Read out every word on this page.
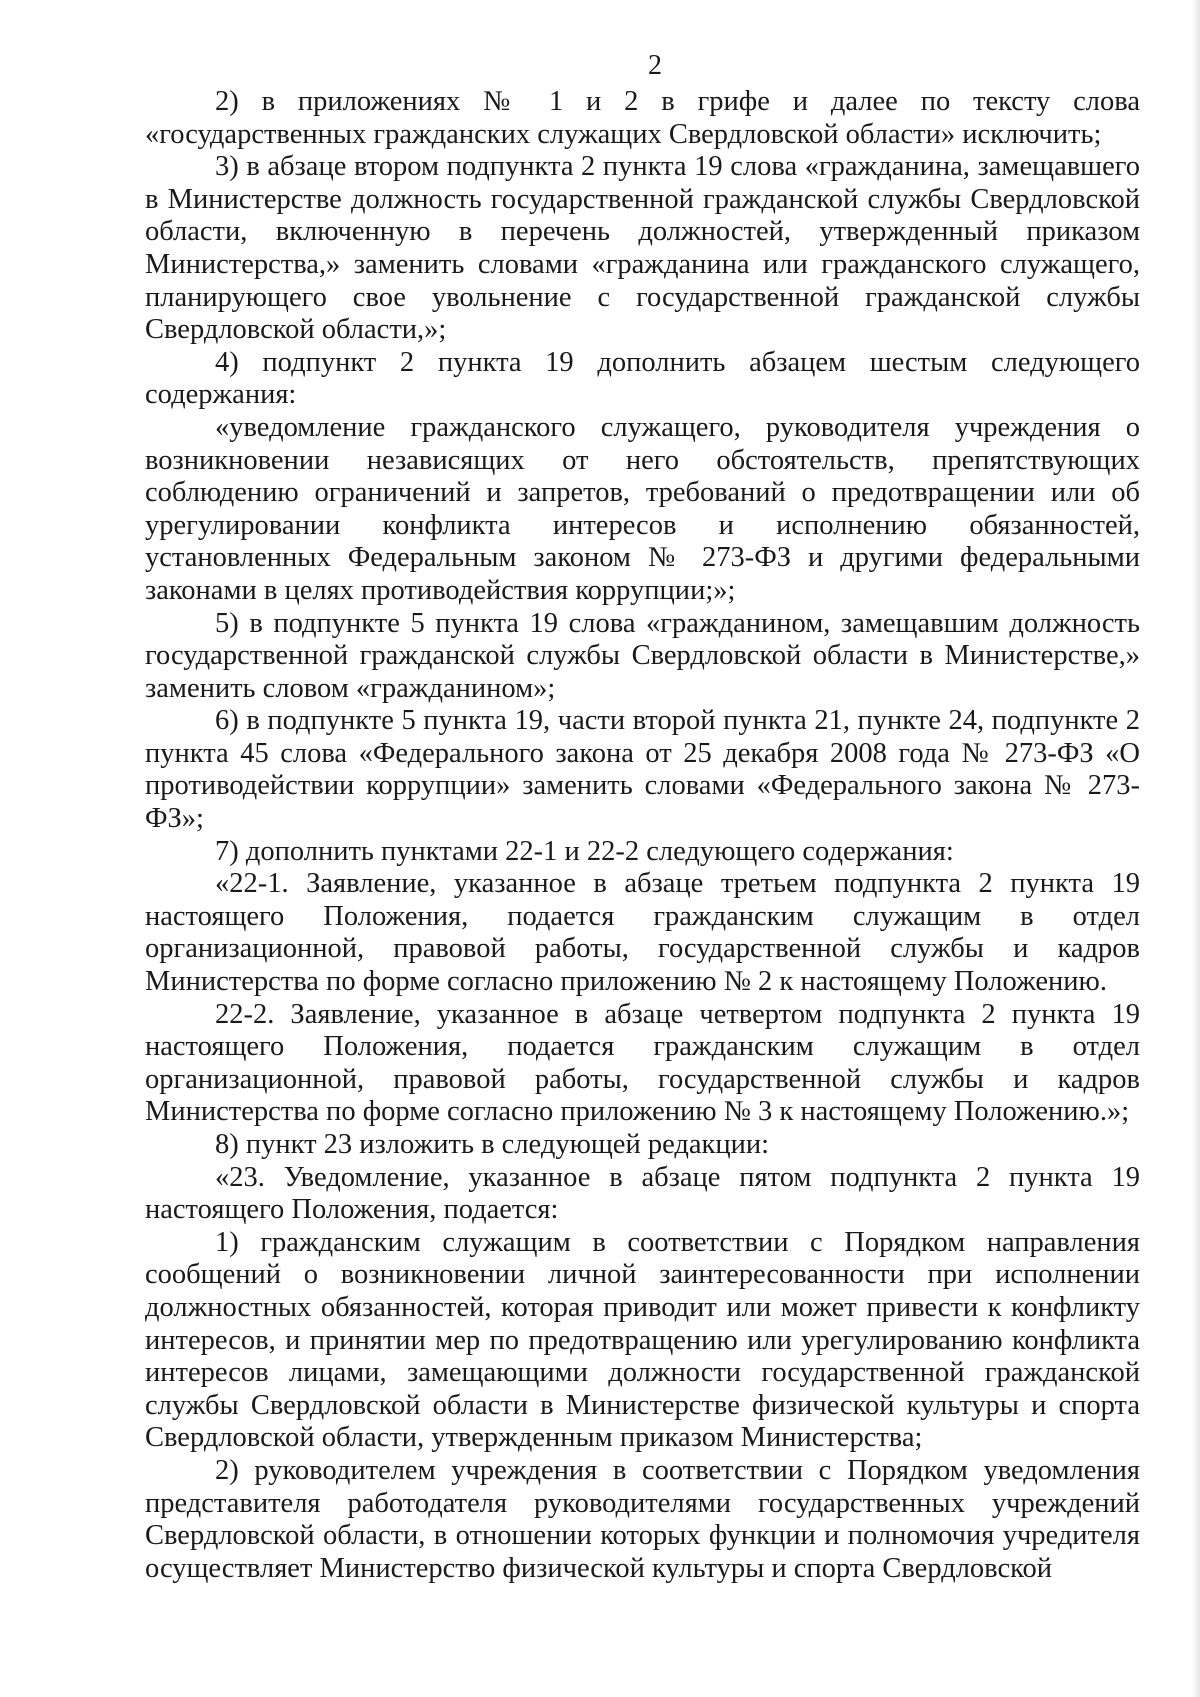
2

2) в приложениях № 1 и 2 в грифе и далее по тексту слова «государственных гражданских служащих Свердловской области» исключить;

3) в абзаце втором подпункта 2 пункта 19 слова «гражданина, замещавшего в Министерстве должность государственной гражданской службы Свердловской области, включенную в перечень должностей, утвержденный приказом Министерства,» заменить словами «гражданина или гражданского служащего, планирующего свое увольнение с государственной гражданской службы Свердловской области,»;

4) подпункт 2 пункта 19 дополнить абзацем шестым следующего содержания:

«уведомление гражданского служащего, руководителя учреждения о возникновении независящих от него обстоятельств, препятствующих соблюдению ограничений и запретов, требований о предотвращении или об урегулировании конфликта интересов и исполнению обязанностей, установленных Федеральным законом № 273-ФЗ и другими федеральными законами в целях противодействия коррупции;»;

5) в подпункте 5 пункта 19 слова «гражданином, замещавшим должность государственной гражданской службы Свердловской области в Министерстве,» заменить словом «гражданином»;

6) в подпункте 5 пункта 19, части второй пункта 21, пункте 24, подпункте 2 пункта 45 слова «Федерального закона от 25 декабря 2008 года № 273-ФЗ «О противодействии коррупции» заменить словами «Федерального закона № 273-ФЗ»;

7) дополнить пунктами 22-1 и 22-2 следующего содержания:

«22-1. Заявление, указанное в абзаце третьем подпункта 2 пункта 19 настоящего Положения, подается гражданским служащим в отдел организационной, правовой работы, государственной службы и кадров Министерства по форме согласно приложению № 2 к настоящему Положению.

22-2. Заявление, указанное в абзаце четвертом подпункта 2 пункта 19 настоящего Положения, подается гражданским служащим в отдел организационной, правовой работы, государственной службы и кадров Министерства по форме согласно приложению № 3 к настоящему Положению.»;

8) пункт 23 изложить в следующей редакции:

«23. Уведомление, указанное в абзаце пятом подпункта 2 пункта 19 настоящего Положения, подается:

1) гражданским служащим в соответствии с Порядком направления сообщений о возникновении личной заинтересованности при исполнении должностных обязанностей, которая приводит или может привести к конфликту интересов, и принятии мер по предотвращению или урегулированию конфликта интересов лицами, замещающими должности государственной гражданской службы Свердловской области в Министерстве физической культуры и спорта Свердловской области, утвержденным приказом Министерства;

2) руководителем учреждения в соответствии с Порядком уведомления представителя работодателя руководителями государственных учреждений Свердловской области, в отношении которых функции и полномочия учредителя осуществляет Министерство физической культуры и спорта Свердловской
